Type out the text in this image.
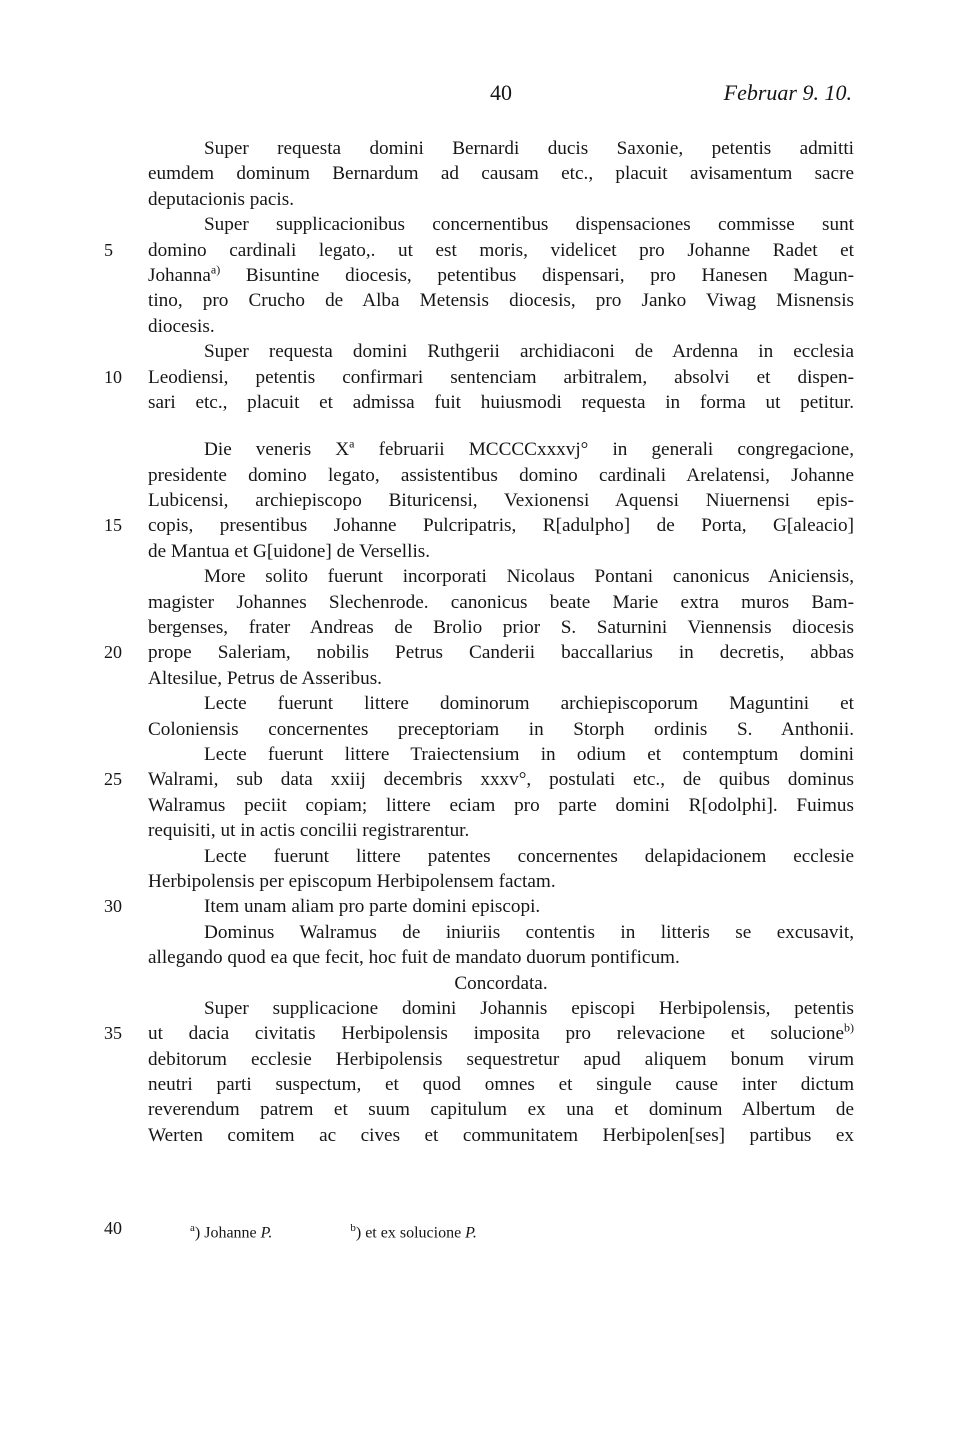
40	Februar 9. 10.
Super requesta domini Bernardi ducis Saxonie, petentis admitti
eumdem dominum Bernardum ad causam etc., placuit avisamentum sacre
deputacionis pacis.
Super supplicacionibus concernentibus dispensaciones commisse sunt
5	domino cardinali legato,. ut est moris, videlicet pro Johanne Radet et
Johanna$^{a)}$ Bisuntine diocesis, petentibus dispensari, pro Hanesen Magun-
tino, pro Crucho de Alba Metensis diocesis, pro Janko Viwag Misnensis
diocesis.
Super requesta domini Ruthgerii archidiaconi de Ardenna in ecclesia
10	Leodiensi, petentis confirmari sentenciam arbitralem, absolvi et dispen-
sari etc., placuit et admissa fuit huiusmodi requesta in forma ut petitur.
Die veneris $X^a$ februarii MCCCCxxxvj° in generali congregacione,
presidente domino legato, assistentibus domino cardinali Arelatensi, Johanne
Lubicensi, archiepiscopo Bituricensi, Vexionensi Aquensi Niuernensi epis-
15	copis, presentibus Johanne Pulcripatris, R[adulpho] de Porta, G[aleacio]
de Mantua et G[uidone] de Versellis.
More solito fuerunt incorporati Nicolaus Pontani canonicus Aniciensis,
magister Johannes Slechenrode. canonicus beate Marie extra muros Bam-
bergenses, frater Andreas de Brolio prior S. Saturnini Viennensis diocesis
20	prope Saleriam, nobilis Petrus Canderii baccallarius in decretis, abbas
Altesilue, Petrus de Asseribus.
Lecte fuerunt littere dominorum archiepiscoporum Maguntini et
Coloniensis concernentes preceptoriam in Storph ordinis S. Anthonii.
Lecte fuerunt littere Traiectensium in odium et contemptum domini
25	Walrami, sub data xxiij decembris xxxv°, postulati etc., de quibus dominus
Walramus peciit copiam; littere eciam pro parte domini R[odolphi]. Fuimus
requisiti, ut in actis concilii registrarentur.
Lecte fuerunt littere patentes concernentes delapidacionem ecclesie
Herbipolensis per episcopum Herbipolensem factam.
30	Item unam aliam pro parte domini episcopi.
Dominus Walramus de iniuriis contentis in litteris se excusavit,
allegando quod ea que fecit, hoc fuit de mandato duorum pontificum.
Concordata.
Super supplicacione domini Johannis episcopi Herbipolensis, petentis
35	ut dacia civitatis Herbipolensis imposita pro relevacione et solucione$^{b)}$
debitorum ecclesie Herbipolensis sequestretur apud aliquem bonum virum
neutri parti suspectum, et quod omnes et singule cause inter dictum
reverendum patrem et suum capitulum ex una et dominum Albertum de
Werten comitem ac cives et communitatem Herbipolen[ses] partibus ex
40	$^a$) Johanne P.	$^b$) et ex solucione P.
